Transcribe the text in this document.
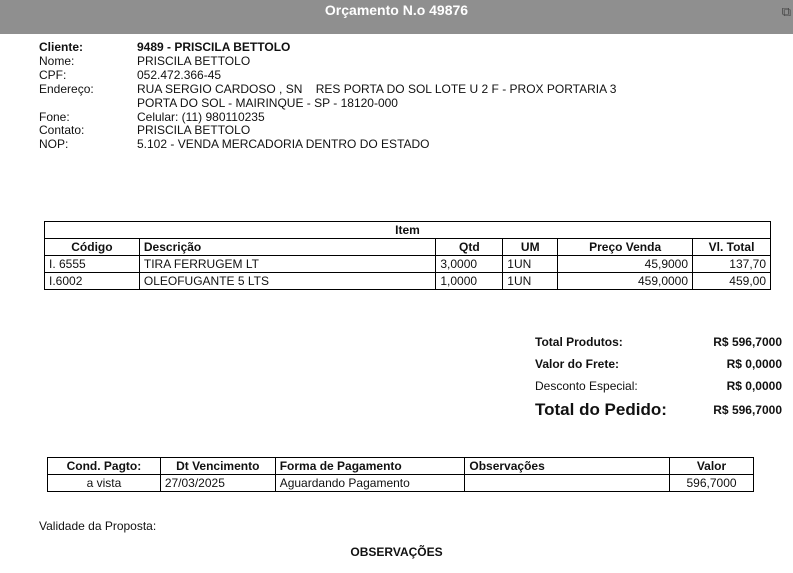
Orçamento N.o 49876	⧉
Cliente:	9489 - PRISCILA BETTOLO
Nome:	PRISCILA BETTOLO
CPF:	052.472.366-45
Endereço:	RUA SERGIO CARDOSO , SN    RES PORTA DO SOL LOTE U 2 F - PROX PORTARIA 3
PORTA DO SOL - MAIRINQUE - SP - 18120-000
Fone:	Celular: (11) 980110235
Contato:	PRISCILA BETTOLO
NOP:	5.102 - VENDA MERCADORIA DENTRO DO ESTADO
Item					
Código	Descrição	Qtd	UM	Preço Venda	Vl. Total
I. 6555	TIRA FERRUGEM LT	3,0000	1UN	45,9000	137,70
I.6002	OLEOFUGANTE 5 LTS	1,0000	1UN	459,0000	459,00
Total Produtos:	R$ 596,7000
Valor do Frete:	R$ 0,0000
Desconto Especial:	R$ 0,0000
Total do Pedido:	R$ 596,7000
Cond. Pagto:	Dt Vencimento	Forma de Pagamento	Observações	Valor
a vista	27/03/2025	Aguardando Pagamento		596,7000
Validade da Proposta:
OBSERVAÇÕES
